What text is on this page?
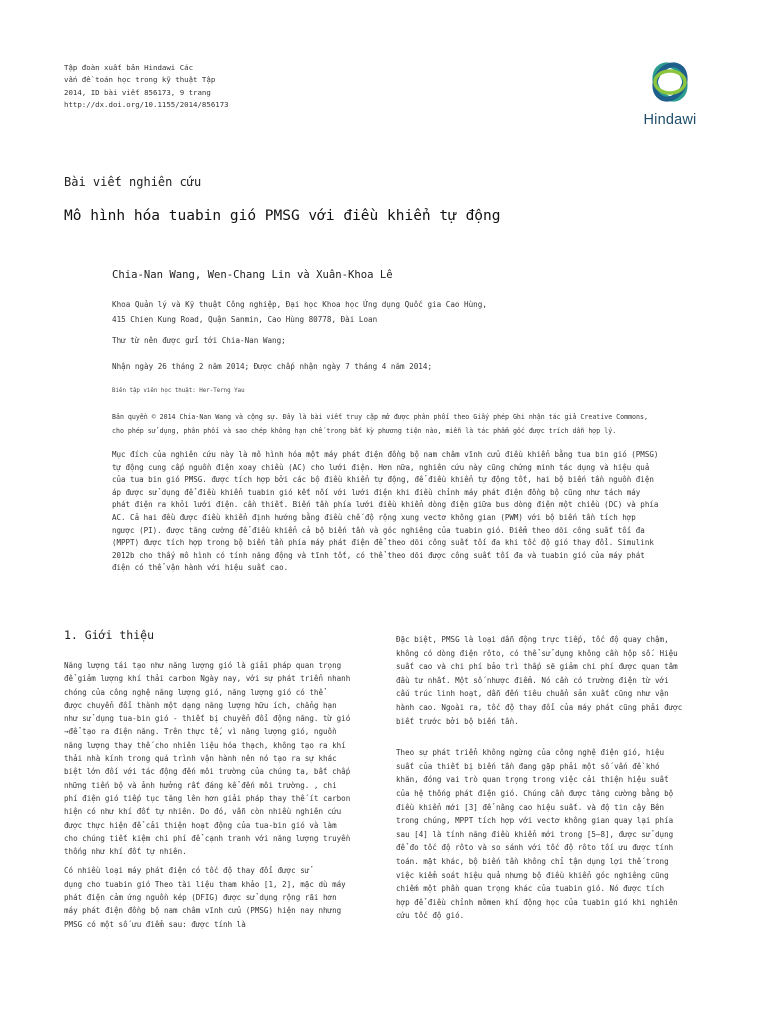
Tập đoàn xuất bản Hindawi Các
vấn đề toán học trong kỹ thuật Tập
2014, ID bài viết 856173, 9 trang
http://dx.doi.org/10.1155/2014/856173
Hindawi
Bài viết nghiên cứu
Mô hình hóa tuabin gió PMSG với điều khiển tự động
Chia-Nan Wang, Wen-Chang Lin và Xuân-Khoa Lê
Khoa Quản lý và Kỹ thuật Công nghiệp, Đại học Khoa học Ứng dụng Quốc gia Cao Hùng,
415 Chien Kung Road, Quận Sanmin, Cao Hùng 80778, Đài Loan
Thư từ nên được gửi tới Chia-Nan Wang;
Nhận ngày 26 tháng 2 năm 2014; Được chấp nhận ngày 7 tháng 4 năm 2014;
Biên tập viên học thuật: Her-Terng Yau
Bản quyền © 2014 Chia-Nan Wang và cộng sự. Đây là bài viết truy cập mở được phân phối theo Giấy phép Ghi nhận tác giả Creative Commons,
cho phép sử dụng, phân phối và sao chép không hạn chế trong bất kỳ phương tiện nào, miễn là tác phẩm gốc được trích dẫn hợp lý.
Mục đích của nghiên cứu này là mô hình hóa một máy phát điện đồng bộ nam châm vĩnh cửu điều khiển bằng tua bin gió (PMSG)
tự động cung cấp nguồn điện xoay chiều (AC) cho lưới điện. Hơn nữa, nghiên cứu này cũng chứng minh tác dụng và hiệu quả
của tua bin gió PMSG. được tích hợp bởi các bộ điều khiển tự động, để điều khiển tự động tốt, hai bộ biến tần nguồn điện
áp được sử dụng để điều khiển tuabin gió kết nối với lưới điện khi điều chỉnh máy phát điện đồng bộ cũng như tách máy
phát điện ra khỏi lưới điện. cần thiết. Biến tần phía lưới điều khiển dòng điện giữa bus dòng điện một chiều (DC) và phía
AC. Cả hai đều được điều khiển định hướng bằng điều chế độ rộng xung vectơ không gian (PWM) với bộ biến tần tích hợp
ngược (PI). được tăng cường để điều khiển cả bộ biến tần và góc nghiêng của tuabin gió. Điểm theo dõi công suất tối đa
(MPPT) được tích hợp trong bộ biến tần phía máy phát điện để theo dõi công suất tối đa khi tốc độ gió thay đổi. Simulink
2012b cho thấy mô hình có tính năng động và tĩnh tốt, có thể theo dõi được công suất tối đa và tuabin gió của máy phát
điện có thể vận hành với hiệu suất cao.
1. Giới thiệu
Năng lượng tái tạo như năng lượng gió là giải pháp quan trọng
để giảm lượng khí thải carbon Ngày nay, với sự phát triển nhanh
chóng của công nghệ năng lượng gió, năng lượng gió có thể
được chuyển đổi thành một dạng năng lượng hữu ích, chẳng hạn
như sử dụng tua-bin gió - thiết bị chuyển đổi động năng. từ gió
→để tạo ra điện năng. Trên thực tế, vì năng lượng gió, nguồn
năng lượng thay thế cho nhiên liệu hóa thạch, không tạo ra khí
thải nhà kính trong quá trình vận hành nên nó tạo ra sự khác
biệt lớn đối với tác động đến môi trường của chúng ta, bất chấp
những tiến bộ và ảnh hưởng rất đáng kể đến môi trường. , chi
phí điện gió tiếp tục tăng lên hơn giải pháp thay thế ít carbon
hiện có như khí đốt tự nhiên. Do đó, vẫn còn nhiều nghiên cứu
được thực hiện để cải thiện hoạt động của tua-bin gió và làm
cho chúng tiết kiệm chi phí để cạnh tranh với năng lượng truyền
thống như khí đốt tự nhiên.
Có nhiều loại máy phát điện có tốc độ thay đổi được sử
dụng cho tuabin gió Theo tài liệu tham khảo [1, 2], mặc dù máy
phát điện cảm ứng nguồn kép (DFIG) được sử dụng rộng rãi hơn
máy phát điện đồng bộ nam châm vĩnh cửu (PMSG) hiện nay nhưng
PMSG có một số ưu điểm sau: được tính là
Đặc biệt, PMSG là loại dẫn động trực tiếp, tốc độ quay chậm,
không có dòng điện rôto, có thể sử dụng không cần hộp số. Hiệu
suất cao và chi phí bảo trì thấp sẽ giảm chi phí được quan tâm
đầu tư nhất. Một số nhược điểm. Nó cần có trường điện từ với
cấu trúc linh hoạt, dẫn đến tiêu chuẩn sản xuất cũng như vận
hành cao. Ngoài ra, tốc độ thay đổi của máy phát cũng phải được
biết trước bởi bộ biến tần.
Theo sự phát triển không ngừng của công nghệ điện gió, hiệu
suất của thiết bị biến tần đang gặp phải một số vấn đề khó
khăn, đóng vai trò quan trọng trong việc cải thiện hiệu suất
của hệ thống phát điện gió. Chúng cần được tăng cường bằng bộ
điều khiển mới [3] để nâng cao hiệu suất. và độ tin cậy Bên
trong chúng, MPPT tích hợp với vectơ không gian quay lại phía
sau [4] là tính năng điều khiển mới trong [5–8], được sử dụng
để đo tốc độ rôto và so sánh với tốc độ rôto tối ưu được tính
toán. mặt khác, bộ biến tần không chỉ tận dụng lợi thế trong
việc kiểm soát hiệu quả nhưng bộ điều khiển góc nghiêng cũng
chiếm một phần quan trọng khác của tuabin gió. Nó được tích
hợp để điều chỉnh mômen khí động học của tuabin gió khi nghiên
cứu tốc độ gió.
